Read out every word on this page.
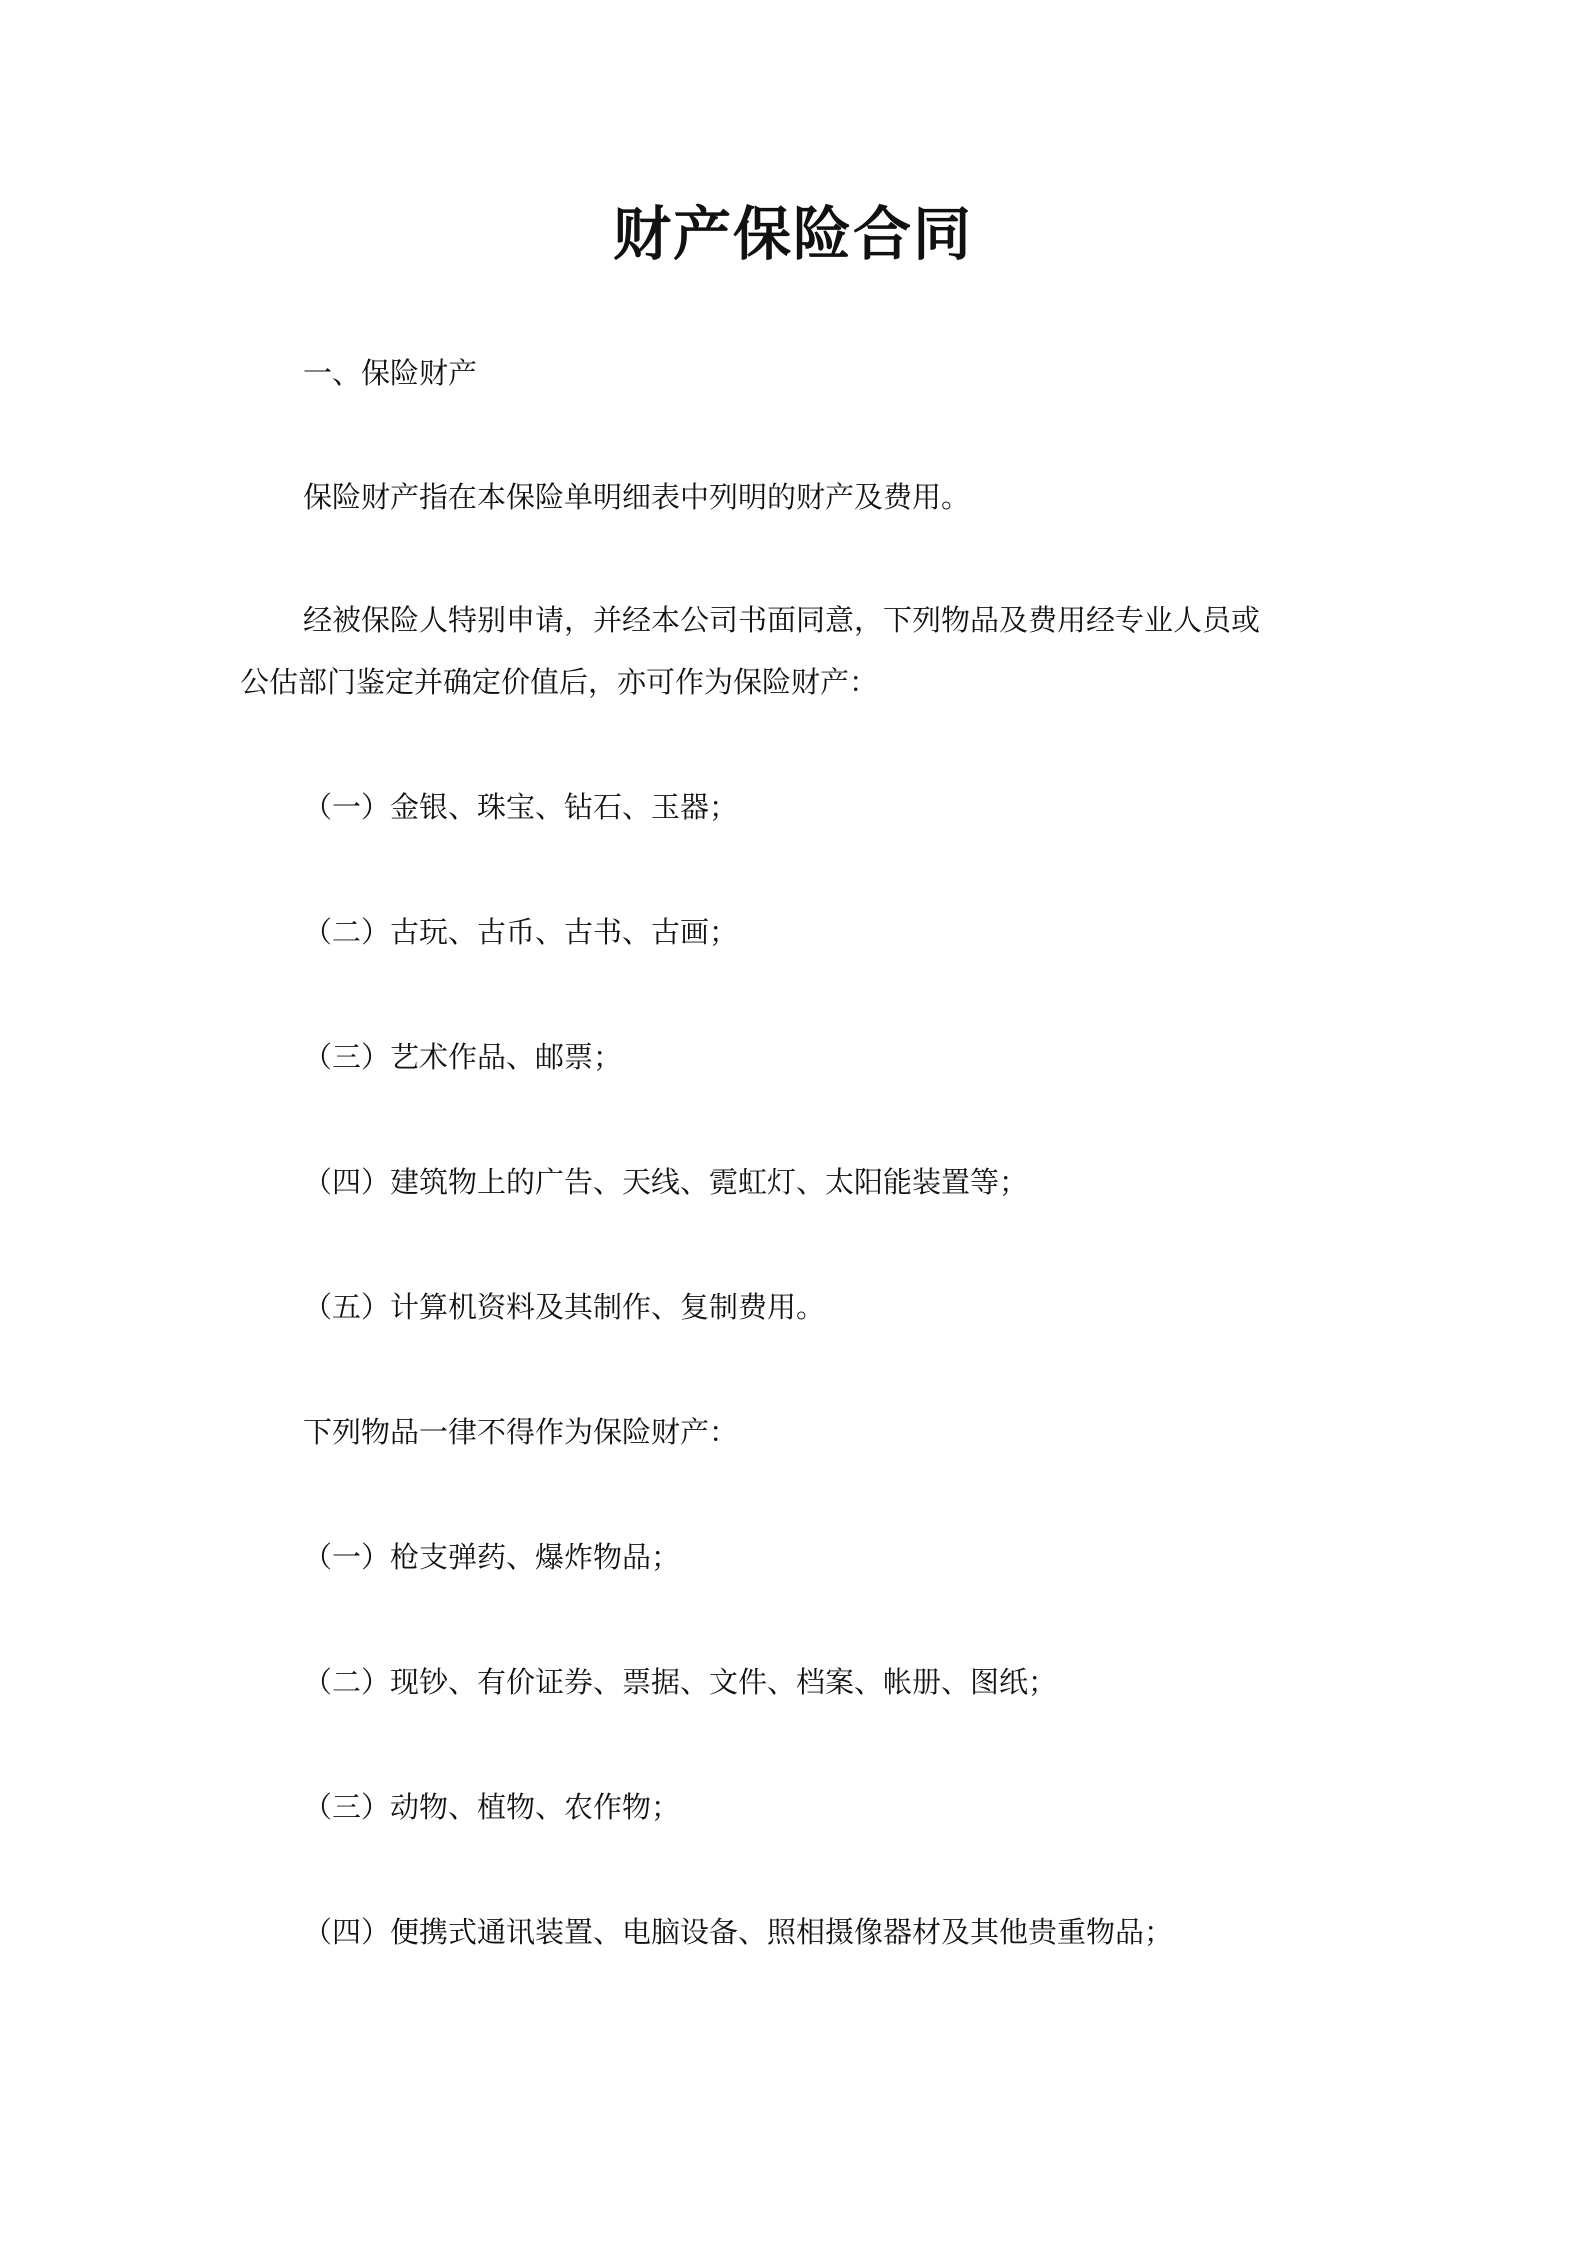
财产保险合同

一、保险财产

保险财产指在本保险单明细表中列明的财产及费用。

经被保险人特别申请，并经本公司书面同意，下列物品及费用经专业人员或

公估部门鉴定并确定价值后，亦可作为保险财产：

（一）金银、珠宝、钻石、玉器；

（二）古玩、古币、古书、古画；

（三）艺术作品、邮票；

（四）建筑物上的广告、天线、霓虹灯、太阳能装置等；

（五）计算机资料及其制作、复制费用。

下列物品一律不得作为保险财产：

（一）枪支弹药、爆炸物品；

（二）现钞、有价证券、票据、文件、档案、帐册、图纸；

（三）动物、植物、农作物；

（四）便携式通讯装置、电脑设备、照相摄像器材及其他贵重物品；
